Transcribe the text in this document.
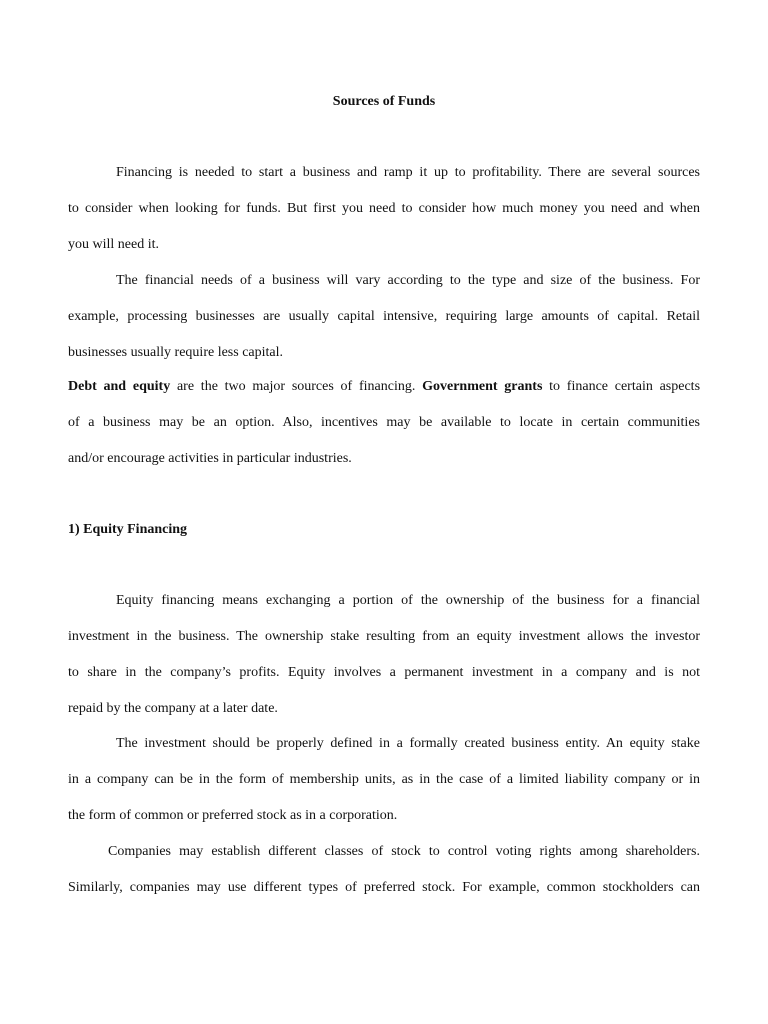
Sources of Funds
Financing is needed to start a business and ramp it up to profitability. There are several sources
to consider when looking for funds. But first you need to consider how much money you need and when
you will need it.
The financial needs of a business will vary according to the type and size of the business. For
example, processing businesses are usually capital intensive, requiring large amounts of capital. Retail
businesses usually require less capital.
Debt and equity are the two major sources of financing. Government grants to finance certain aspects
of a business may be an option. Also, incentives may be available to locate in certain communities
and/or encourage activities in particular industries.
1) Equity Financing
Equity financing means exchanging a portion of the ownership of the business for a financial
investment in the business. The ownership stake resulting from an equity investment allows the investor
to share in the company’s profits. Equity involves a permanent investment in a company and is not
repaid by the company at a later date.
The investment should be properly defined in a formally created business entity. An equity stake
in a company can be in the form of membership units, as in the case of a limited liability company or in
the form of common or preferred stock as in a corporation.
Companies may establish different classes of stock to control voting rights among shareholders.
Similarly, companies may use different types of preferred stock. For example, common stockholders can
